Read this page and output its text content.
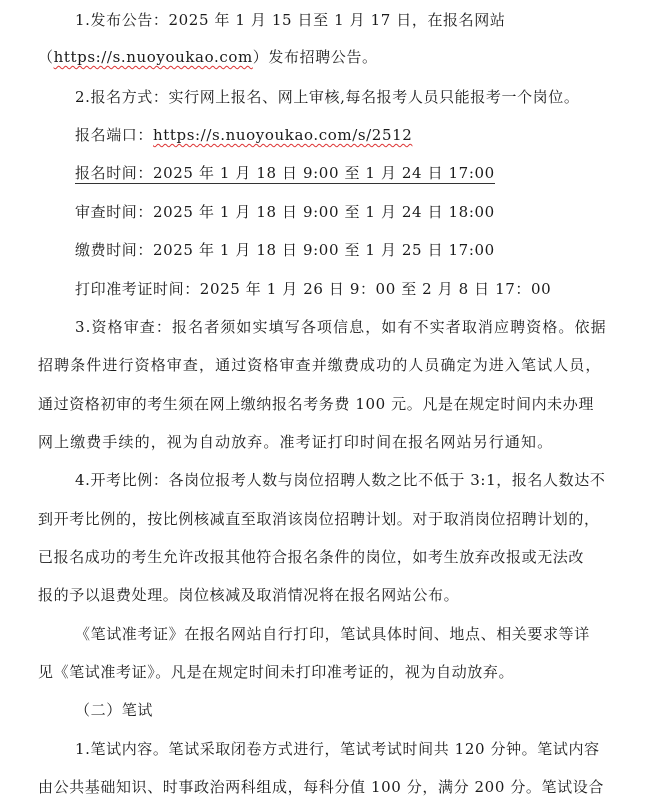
1.发布公告：2025 年 1 月 15 日至 1 月 17 日，在报名网站
（https://s.nuoyoukao.com）发布招聘公告。
2.报名方式：实行网上报名、网上审核,每名报考人员只能报考一个岗位。
报名端口：https://s.nuoyoukao.com/s/2512
报名时间：2025 年 1 月 18 日 9:00 至 1 月 24 日 17:00
审查时间：2025 年 1 月 18 日 9:00 至 1 月 24 日 18:00
缴费时间：2025 年 1 月 18 日 9:00 至 1 月 25 日 17:00
打印准考证时间：2025 年 1 月 26 日 9：00 至 2 月 8 日 17：00
3.资格审查：报名者须如实填写各项信息，如有不实者取消应聘资格。依据
招聘条件进行资格审查，通过资格审查并缴费成功的人员确定为进入笔试人员，
通过资格初审的考生须在网上缴纳报名考务费 100 元。凡是在规定时间内未办理
网上缴费手续的，视为自动放弃。准考证打印时间在报名网站另行通知。
4.开考比例：各岗位报考人数与岗位招聘人数之比不低于 3:1，报名人数达不
到开考比例的，按比例核减直至取消该岗位招聘计划。对于取消岗位招聘计划的，
已报名成功的考生允许改报其他符合报名条件的岗位，如考生放弃改报或无法改
报的予以退费处理。岗位核减及取消情况将在报名网站公布。
《笔试准考证》在报名网站自行打印，笔试具体时间、地点、相关要求等详
见《笔试准考证》。凡是在规定时间未打印准考证的，视为自动放弃。
（二）笔试
1.笔试内容。笔试采取闭卷方式进行，笔试考试时间共 120 分钟。笔试内容
由公共基础知识、时事政治两科组成，每科分值 100 分，满分 200 分。笔试设合
